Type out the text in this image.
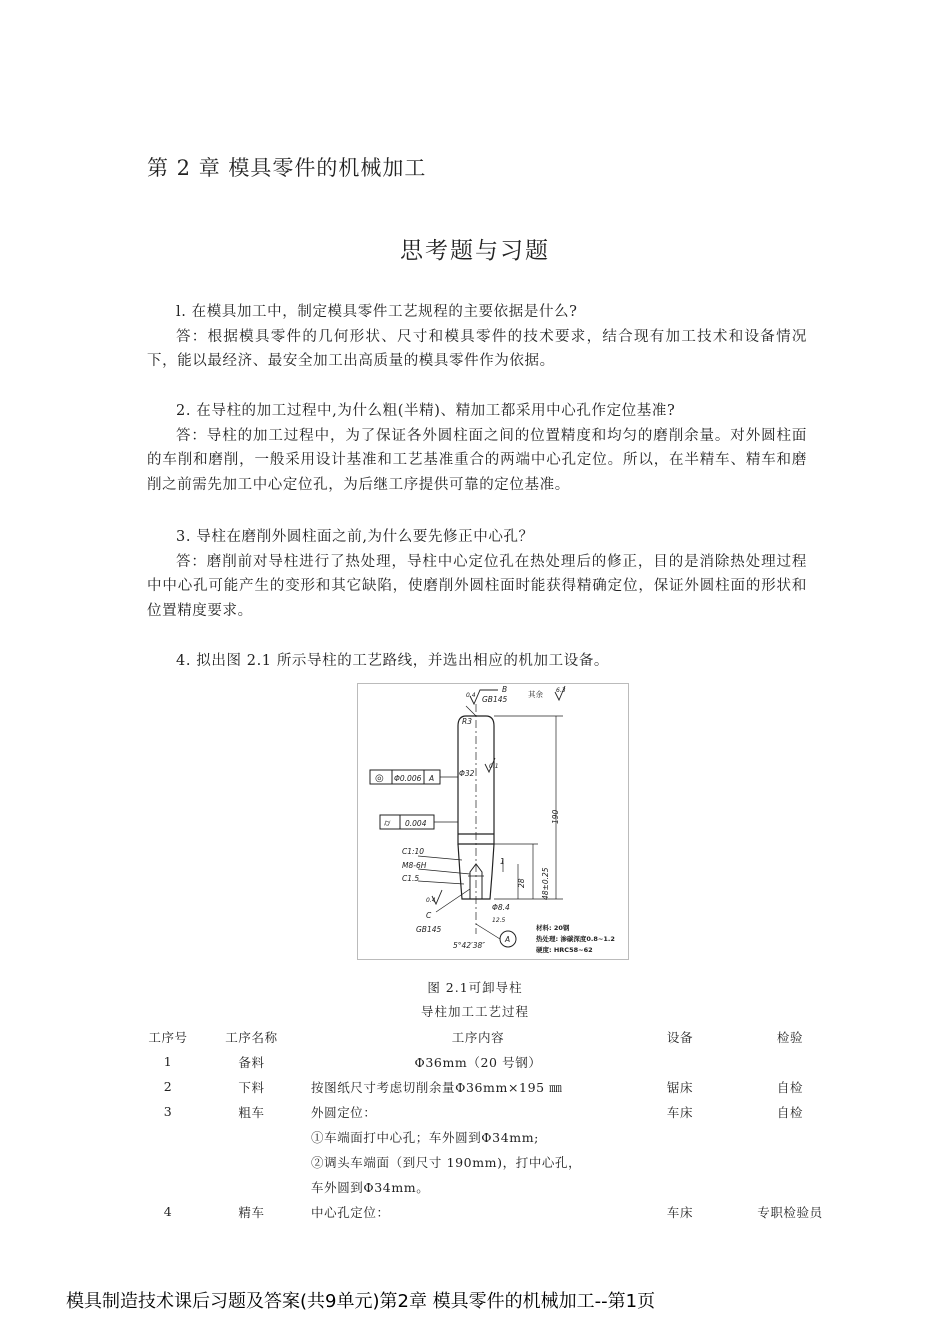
第 2 章 模具零件的机械加工
思考题与习题

l. 在模具加工中，制定模具零件工艺规程的主要依据是什么?

答：根据模具零件的几何形状、尺寸和模具零件的技术要求，结合现有加工技术和设备情况下，能以最经济、最安全加工出高质量的模具零件作为依据。

2. 在导柱的加工过程中,为什么粗(半精)、精加工都采用中心孔作定位基准?

答：导柱的加工过程中，为了保证各外圆柱面之间的位置精度和均匀的磨削余量。对外圆柱面的车削和磨削，一般采用设计基准和工艺基准重合的两端中心孔定位。所以，在半精车、精车和磨削之前需先加工中心定位孔，为后继工序提供可靠的定位基准。

3. 导柱在磨削外圆柱面之前,为什么要先修正中心孔？

答：磨削前对导柱进行了热处理，导柱中心定位孔在热处理后的修正，目的是消除热处理过程中中心孔可能产生的变形和其它缺陷，使磨削外圆柱面时能获得精确定位，保证外圆柱面的形状和位置精度要求。

4. 拟出图 2.1 所示导柱的工艺路线，并选出相应的机加工设备。

B
GB145
0.4	其余 6.3
R3
◎ Φ0.006 A
⌭ 0.004
Φ32
0.1
190
C1:10
M8-6H
C1.5
1
28 48±0.25
Φ8.4
C
GB145
0.4
12.5
5°42′38″
A
材料: 20钢
热处理: 渗碳深度0.8~1.2
硬度: HRC58~62
图 2.1可卸导柱
导柱加工工艺过程
工序号	工序名称	工序内容	设备	检验
1	备料	Φ36mm（20 号钢）		
2	下料	按图纸尺寸考虑切削余量Φ36mm×195 ㎜	锯床	自检
3	粗车	外圆定位：	车床	自检
		①车端面打中心孔；车外圆到Φ34mm;		
		②调头车端面（到尺寸 190mm)，打中心孔，		
		车外圆到Φ34mm。		
4	精车	中心孔定位：	车床	专职检验员
模具制造技术课后习题及答案(共9单元)第2章 模具零件的机械加工--第1页
